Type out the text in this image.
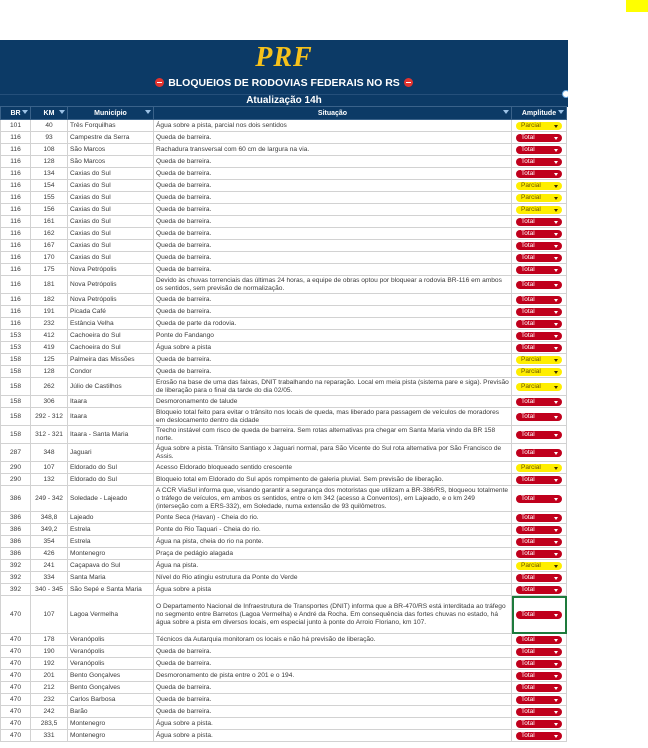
PRF
BLOQUEIOS DE RODOVIAS FEDERAIS NO RS
Atualização 14h
BR	KM	Município	Situação	Amplitude

101	40	Três Forquilhas	Água sobre a pista, parcial nos dois sentidos	Parcial

116	93	Campestre da Serra	Queda de barreira.	Total

116	108	São Marcos	Rachadura transversal com 60 cm de largura na via.	Total

116	128	São Marcos	Queda de barreira.	Total

116	134	Caxias do Sul	Queda de barreira.	Total

116	154	Caxias do Sul	Queda de barreira.	Parcial

116	155	Caxias do Sul	Queda de barreira.	Parcial

116	156	Caxias do Sul	Queda de barreira.	Parcial

116	161	Caxias do Sul	Queda de barreira.	Total

116	162	Caxias do Sul	Queda de barreira.	Total

116	167	Caxias do Sul	Queda de barreira.	Total

116	170	Caxias do Sul	Queda de barreira.	Total

116	175	Nova Petrópolis	Queda de barreira.	Total

116	181	Nova Petrópolis	Devido às chuvas torrenciais das últimas 24 horas, a equipe de obras optou por bloquear a rodovia BR-116 em ambos os sentidos, sem previsão de normalização.	Total

116	182	Nova Petrópolis	Queda de barreira.	Total

116	191	Picada Café	Queda de barreira.	Total

116	232	Estância Velha	Queda de parte da rodovia.	Total

153	412	Cachoeira do Sul	Ponte do Fandango	Total

153	419	Cachoeira do Sul	Água sobre a pista	Total

158	125	Palmeira das Missões	Queda de barreira.	Parcial

158	128	Condor	Queda de barreira.	Parcial

158	262	Júlio de Castilhos	Erosão na base de uma das faixas, DNIT trabalhando na reparação. Local em meia pista (sistema pare e siga). Previsão de liberação para o final da tarde do dia 02/05.	Parcial

158	306	Itaara	Desmoronamento de talude	Total

158	292 - 312	Itaara	Bloqueio total feito para evitar o trânsito nos locais de queda, mas liberado para passagem de veículos de moradores em deslocamento dentro da cidade	Total

158	312 - 321	Itaara - Santa Maria	Trecho instável com risco de queda de barreira. Sem rotas alternativas pra chegar em Santa Maria vindo da BR 158 norte.	Total

287	348	Jaguari	Água sobre a pista. Trânsito Santiago x Jaguari normal, para São Vicente do Sul rota alternativa por São Francisco de Assis.	Total

290	107	Eldorado do Sul	Acesso Eldorado bloqueado sentido crescente	Parcial

290	132	Eldorado do Sul	Bloqueio total em Eldorado do Sul após rompimento de galeria pluvial. Sem previsão de liberação.	Total

386	249 - 342	Soledade - Lajeado	A CCR ViaSul informa que, visando garantir a segurança dos motoristas que utilizam a BR-386/RS, bloqueou totalmente o tráfego de veículos, em ambos os sentidos, entre o km 342 (acesso a Conventos), em Lajeado, e o km 249 (interseção com a ERS-332), em Soledade, numa extensão de 93 quilômetros.	Total

386	348,8	Lajeado	Ponte Seca (Havan) - Cheia do rio.	Total

386	349,2	Estrela	Ponte do Rio Taquari - Cheia do rio.	Total

386	354	Estrela	Água na pista, cheia do rio na ponte.	Total

386	426	Montenegro	Praça de pedágio alagada	Total

392	241	Caçapava do Sul	Água na pista.	Parcial

392	334	Santa Maria	Nível do Rio atingiu estrutura da Ponte do Verde	Total

392	340 - 345	São Sepé e Santa Maria	Água sobre a pista	Total

470	107	Lagoa Vermelha	O Departamento Nacional de Infraestrutura de Transportes (DNIT) informa que a BR-470/RS está interditada ao tráfego no segmento entre Barretos (Lagoa Vermelha) e André da Rocha. Em consequência das fortes chuvas no estado, há água sobre a pista em diversos locais, em especial junto à ponte do Arroio Floriano, km 107.	Total

470	178	Veranópolis	Técnicos da Autarquia monitoram os locais e não há previsão de liberação.	Total

470	190	Veranópolis	Queda de barreira.	Total

470	192	Veranópolis	Queda de barreira.	Total

470	201	Bento Gonçalves	Desmoronamento de pista entre o 201 e o 194.	Total

470	212	Bento Gonçalves	Queda de barreira.	Total

470	232	Carlos Barbosa	Queda de barreira.	Total

470	242	Barão	Queda de barreira.	Total

470	283,5	Montenegro	Água sobre a pista.	Total

470	331	Montenegro	Água sobre a pista.	Total
